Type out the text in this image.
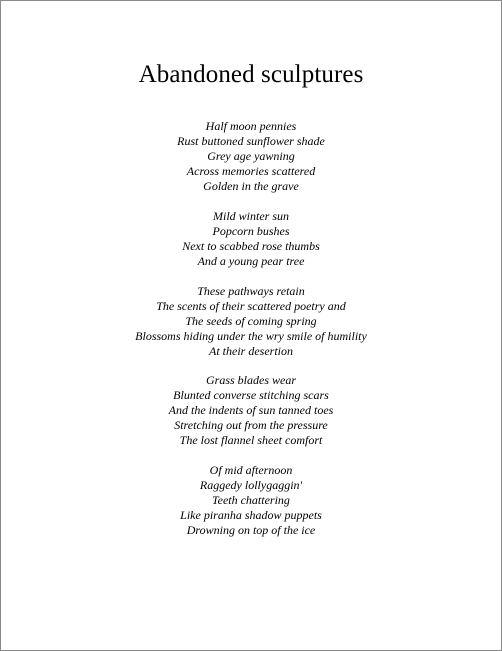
Abandoned sculptures
Half moon pennies
Rust buttoned sunflower shade
Grey age yawning
Across memories scattered
Golden in the grave
Mild winter sun
Popcorn bushes
Next to scabbed rose thumbs
And a young pear tree
These pathways retain
The scents of their scattered poetry and
The seeds of coming spring
Blossoms hiding under the wry smile of humility
At their desertion
Grass blades wear
Blunted converse stitching scars
And the indents of sun tanned toes
Stretching out from the pressure
The lost flannel sheet comfort
Of mid afternoon
Raggedy lollygaggin'
Teeth chattering
Like piranha shadow puppets
Drowning on top of the ice
